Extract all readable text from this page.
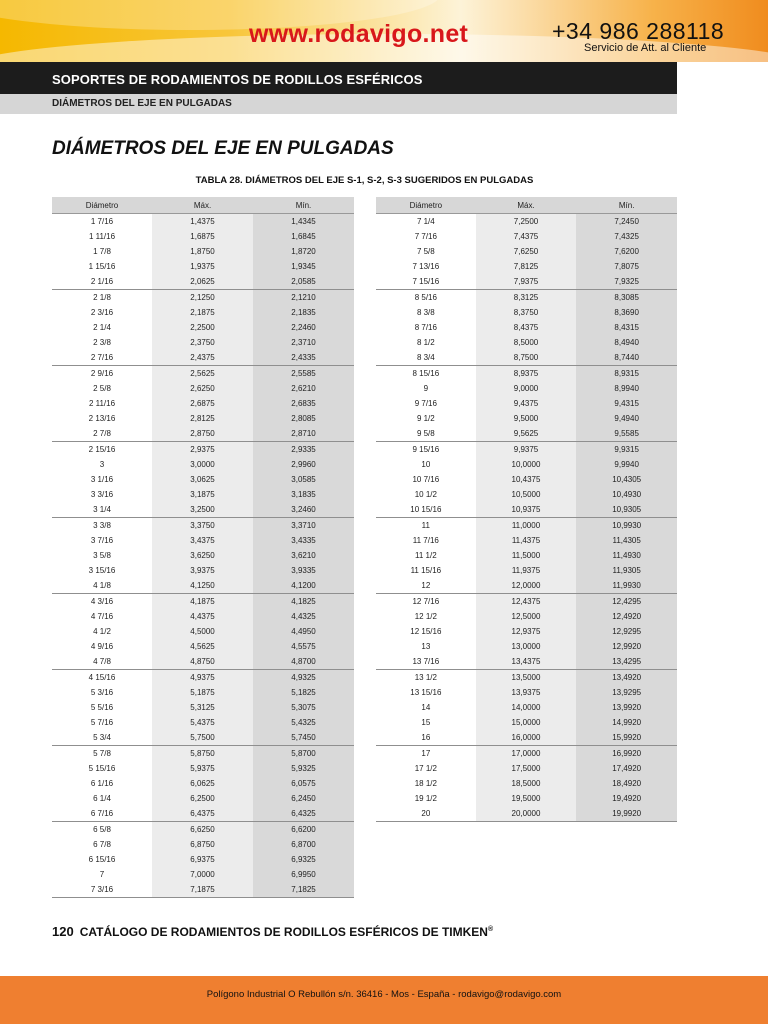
www.rodavigo.net	+34 986 288118
Servicio de Att. al Cliente
SOPORTES DE RODAMIENTOS DE RODILLOS ESFÉRICOS
DIÁMETROS DEL EJE EN PULGADAS
DIÁMETROS DEL EJE EN PULGADAS
TABLA 28. DIÁMETROS DEL EJE S-1, S-2, S-3 SUGERIDOS EN PULGADAS
Diámetro	Máx.	Mín.
1 7/16	1,4375	1,4345
1 11/16	1,6875	1,6845
1 7/8	1,8750	1,8720
1 15/16	1,9375	1,9345
2 1/16	2,0625	2,0585
2 1/8	2,1250	2,1210
2 3/16	2,1875	2,1835
2 1/4	2,2500	2,2460
2 3/8	2,3750	2,3710
2 7/16	2,4375	2,4335
2 9/16	2,5625	2,5585
2 5/8	2,6250	2,6210
2 11/16	2,6875	2,6835
2 13/16	2,8125	2,8085
2 7/8	2,8750	2,8710
2 15/16	2,9375	2,9335
3	3,0000	2,9960
3 1/16	3,0625	3,0585
3 3/16	3,1875	3,1835
3 1/4	3,2500	3,2460
3 3/8	3,3750	3,3710
3 7/16	3,4375	3,4335
3 5/8	3,6250	3,6210
3 15/16	3,9375	3,9335
4 1/8	4,1250	4,1200
4 3/16	4,1875	4,1825
4 7/16	4,4375	4,4325
4 1/2	4,5000	4,4950
4 9/16	4,5625	4,5575
4 7/8	4,8750	4,8700
4 15/16	4,9375	4,9325
5 3/16	5,1875	5,1825
5 5/16	5,3125	5,3075
5 7/16	5,4375	5,4325
5 3/4	5,7500	5,7450
5 7/8	5,8750	5,8700
5 15/16	5,9375	5,9325
6 1/16	6,0625	6,0575
6 1/4	6,2500	6,2450
6 7/16	6,4375	6,4325
6 5/8	6,6250	6,6200
6 7/8	6,8750	6,8700
6 15/16	6,9375	6,9325
7	7,0000	6,9950
7 3/16	7,1875	7,1825
Diámetro	Máx.	Mín.
7 1/4	7,2500	7,2450
7 7/16	7,4375	7,4325
7 5/8	7,6250	7,6200
7 13/16	7,8125	7,8075
7 15/16	7,9375	7,9325
8 5/16	8,3125	8,3085
8 3/8	8,3750	8,3690
8 7/16	8,4375	8,4315
8 1/2	8,5000	8,4940
8 3/4	8,7500	8,7440
8 15/16	8,9375	8,9315
9	9,0000	8,9940
9 7/16	9,4375	9,4315
9 1/2	9,5000	9,4940
9 5/8	9,5625	9,5585
9 15/16	9,9375	9,9315
10	10,0000	9,9940
10 7/16	10,4375	10,4305
10 1/2	10,5000	10,4930
10 15/16	10,9375	10,9305
11	11,0000	10,9930
11 7/16	11,4375	11,4305
11 1/2	11,5000	11,4930
11 15/16	11,9375	11,9305
12	12,0000	11,9930
12 7/16	12,4375	12,4295
12 1/2	12,5000	12,4920
12 15/16	12,9375	12,9295
13	13,0000	12,9920
13 7/16	13,4375	13,4295
13 1/2	13,5000	13,4920
13 15/16	13,9375	13,9295
14	14,0000	13,9920
15	15,0000	14,9920
16	16,0000	15,9920
17	17,0000	16,9920
17 1/2	17,5000	17,4920
18 1/2	18,5000	18,4920
19 1/2	19,5000	19,4920
20	20,0000	19,9920
120 CATÁLOGO DE RODAMIENTOS DE RODILLOS ESFÉRICOS DE TIMKEN®
Polígono Industrial O Rebullón s/n. 36416 - Mos - España - rodavigo@rodavigo.com
